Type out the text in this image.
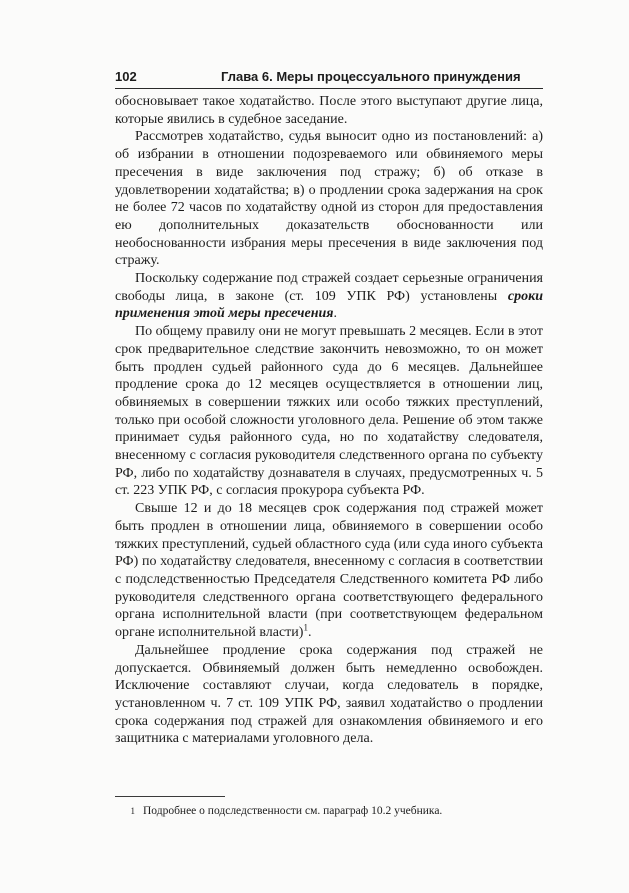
102	Глава 6. Меры процессуального принуждения

обосновывает такое ходатайство. После этого выступают другие лица, которые явились в судебное заседание.

Рассмотрев ходатайство, судья выносит одно из постановлений: а) об избрании в отношении подозреваемого или обвиняемого меры пресечения в виде заключения под стражу; б) об отказе в удовлетворении ходатайства; в) о продлении срока задержания на срок не более 72 часов по ходатайству одной из сторон для предоставления ею дополнительных доказательств обоснованности или необоснованности избрания меры пресечения в виде заключения под стражу.

Поскольку содержание под стражей создает серьезные ограничения свободы лица, в законе (ст. 109 УПК РФ) установлены сроки применения этой меры пресечения.

По общему правилу они не могут превышать 2 месяцев. Если в этот срок предварительное следствие закончить невозможно, то он может быть продлен судьей районного суда до 6 месяцев. Дальнейшее продление срока до 12 месяцев осуществляется в отношении лиц, обвиняемых в совершении тяжких или особо тяжких преступлений, только при особой сложности уголовного дела. Решение об этом также принимает судья районного суда, но по ходатайству следователя, внесенному с согласия руководителя следственного органа по субъекту РФ, либо по ходатайству дознавателя в случаях, предусмотренных ч. 5 ст. 223 УПК РФ, с согласия прокурора субъекта РФ.

Свыше 12 и до 18 месяцев срок содержания под стражей может быть продлен в отношении лица, обвиняемого в совершении особо тяжких преступлений, судьей областного суда (или суда иного субъекта РФ) по ходатайству следователя, внесенному с согласия в соответствии с подследственностью Председателя Следственного комитета РФ либо руководителя следственного органа соответствующего федерального органа исполнительной власти (при соответствующем федеральном органе исполнительной власти)$^1$.

Дальнейшее продление срока содержания под стражей не допускается. Обвиняемый должен быть немедленно освобожден. Исключение составляют случаи, когда следователь в порядке, установленном ч. 7 ст. 109 УПК РФ, заявил ходатайство о продлении срока содержания под стражей для ознакомления обвиняемого и его защитника с материалами уголовного дела.

1 Подробнее о подследственности см. параграф 10.2 учебника.
